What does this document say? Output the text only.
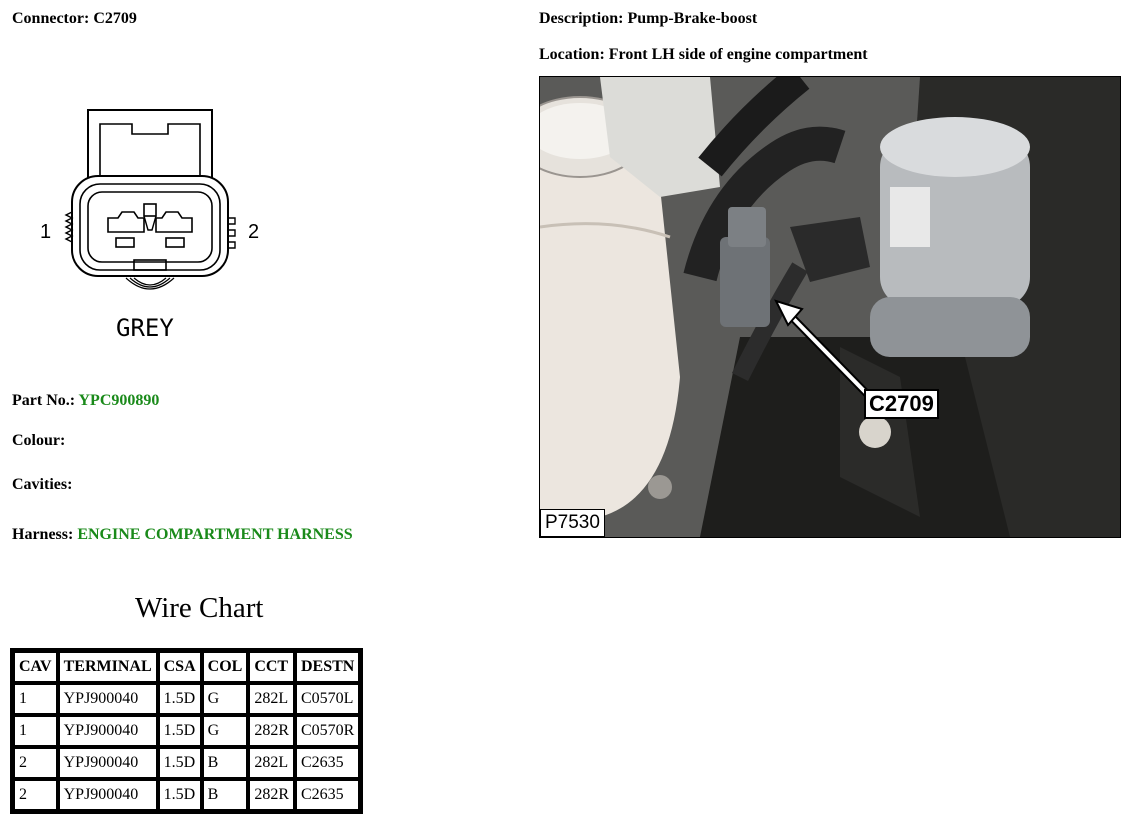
Connector: C2709	Description: Pump-Brake-boost
Location: Front LH side of engine compartment
1	2
GREY
Part No.: YPC900890
Colour:
Cavities:
Harness: ENGINE COMPARTMENT HARNESS
C2709
P7530
Wire Chart
CAV	TERMINAL	CSA	COL	CCT	DESTN
1	YPJ900040	1.5D	G	282L	C0570L
1	YPJ900040	1.5D	G	282R	C0570R
2	YPJ900040	1.5D	B	282L	C2635
2	YPJ900040	1.5D	B	282R	C2635
